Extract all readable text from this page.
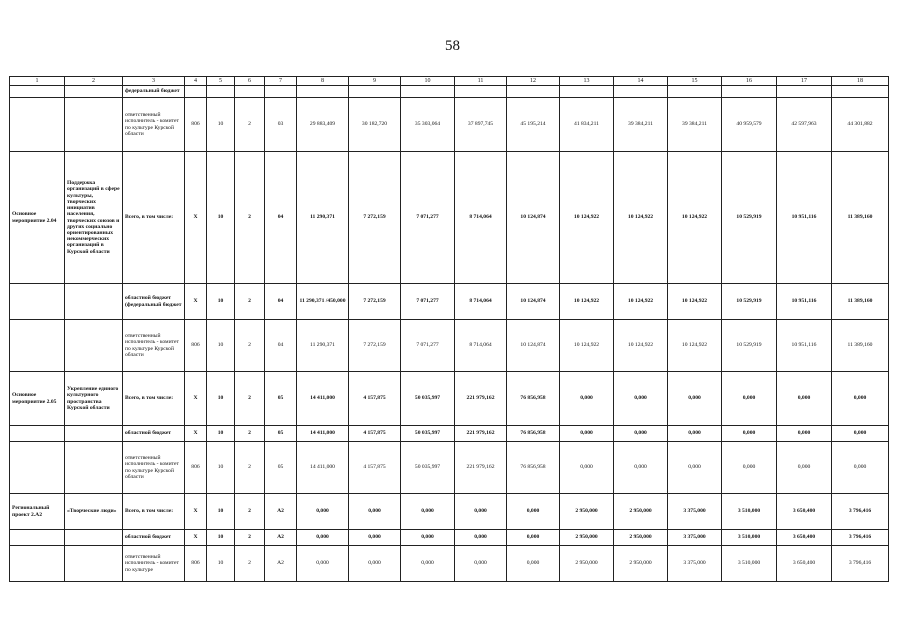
58
1	2	3	4	5	6	7	8	9	10	11	12	13	14	15	16	17	18
		федеральный бюджет															
		ответственный исполнитель - комитет по культуре Курской области	806	10	2	03	29 883,409	30 182,720	35 303,064	37 897,745	45 195,214	41 834,211	39 384,211	39 384,211	40 959,579	42 597,963	44 301,882
Основное мероприятие 2.04	Поддержка организаций в сфере культуры, творческих инициатив населения, творческих союзов и других социально ориентированных некоммерческих организаций в Курской области	Всего, в том числе:	X	10	2	04	11 290,371	7 272,159	7 071,277	8 714,064	10 124,874	10 124,922	10 124,922	10 124,922	10 529,919	10 951,116	11 389,160
		областной бюджет (федеральный бюджет	X	10	2	04	11 290,371 /450,000	7 272,159	7 071,277	8 714,064	10 124,874	10 124,922	10 124,922	10 124,922	10 529,919	10 951,116	11 389,160
		ответственный исполнитель - комитет по культуре Курской области	806	10	2	04	11 290,371	7 272,159	7 071,277	8 714,064	10 124,874	10 124,922	10 124,922	10 124,922	10 529,919	10 951,116	11 389,160
Основное мероприятие 2.05	Укрепление единого культурного пространства Курской области	Всего, в том числе:	X	10	2	05	14 411,000	4 157,875	50 035,997	221 979,162	76 856,958	0,000	0,000	0,000	0,000	0,000	0,000
		областной бюджет	X	10	2	05	14 411,000	4 157,875	50 035,997	221 979,162	76 856,958	0,000	0,000	0,000	0,000	0,000	0,000
		ответственный исполнитель - комитет по культуре Курской области	806	10	2	05	14 411,000	4 157,875	50 035,997	221 979,162	76 856,958	0,000	0,000	0,000	0,000	0,000	0,000
Региональный проект 2.А2	«Творческие люди»	Всего, в том числе:	X	10	2	А2	0,000	0,000	0,000	0,000	0,000	2 950,000	2 950,000	3 375,000	3 510,000	3 650,400	3 796,416
		областной бюджет	X	10	2	А2	0,000	0,000	0,000	0,000	0,000	2 950,000	2 950,000	3 375,000	3 510,000	3 650,400	3 796,416
		ответственный исполнитель - комитет по культуре	806	10	2	А2	0,000	0,000	0,000	0,000	0,000	2 950,000	2 950,000	3 375,000	3 510,000	3 650,400	3 796,416
